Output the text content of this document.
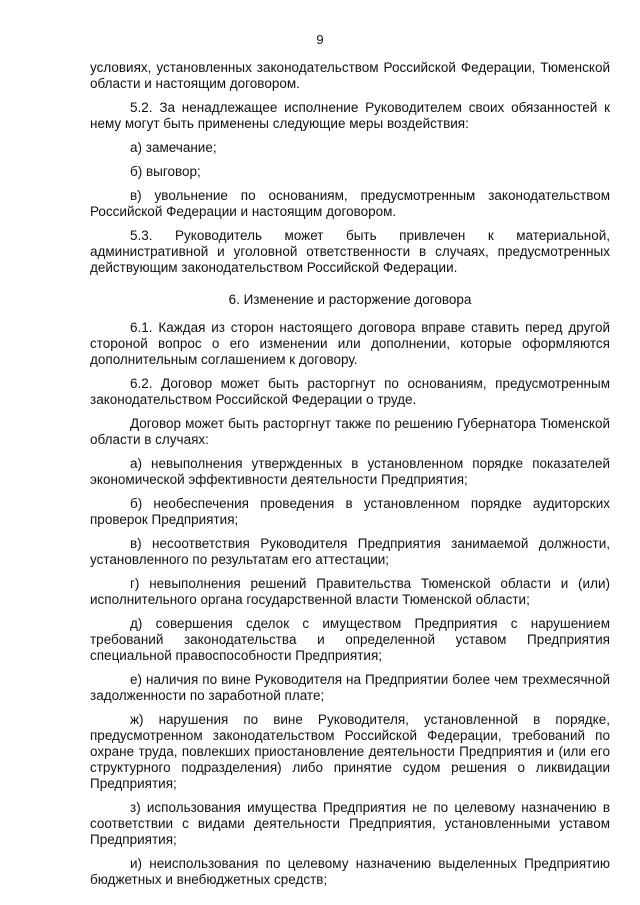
9

условиях, установленных законодательством Российской Федерации, Тюменской области и настоящим договором.

5.2. За ненадлежащее исполнение Руководителем своих обязанностей к нему могут быть применены следующие меры воздействия:

а) замечание;

б) выговор;

в) увольнение по основаниям, предусмотренным законодательством Российской Федерации и настоящим договором.

5.3. Руководитель может быть привлечен к материальной, административной и уголовной ответственности в случаях, предусмотренных действующим законодательством Российской Федерации.

6. Изменение и расторжение договора

6.1. Каждая из сторон настоящего договора вправе ставить перед другой стороной вопрос о его изменении или дополнении, которые оформляются дополнительным соглашением к договору.

6.2. Договор может быть расторгнут по основаниям, предусмотренным законодательством Российской Федерации о труде.

Договор может быть расторгнут также по решению Губернатора Тюменской области в случаях:

а) невыполнения утвержденных в установленном порядке показателей экономической эффективности деятельности Предприятия;

б) необеспечения проведения в установленном порядке аудиторских проверок Предприятия;

в) несоответствия Руководителя Предприятия занимаемой должности, установленного по результатам его аттестации;

г) невыполнения решений Правительства Тюменской области и (или) исполнительного органа государственной власти Тюменской области;

д) совершения сделок с имуществом Предприятия с нарушением требований законодательства и определенной уставом Предприятия специальной правоспособности Предприятия;

е) наличия по вине Руководителя на Предприятии более чем трехмесячной задолженности по заработной плате;

ж) нарушения по вине Руководителя, установленной в порядке, предусмотренном законодательством Российской Федерации, требований по охране труда, повлекших приостановление деятельности Предприятия и (или его структурного подразделения) либо принятие судом решения о ликвидации Предприятия;

з) использования имущества Предприятия не по целевому назначению в соответствии с видами деятельности Предприятия, установленными уставом Предприятия;

и) неиспользования по целевому назначению выделенных Предприятию бюджетных и внебюджетных средств;
